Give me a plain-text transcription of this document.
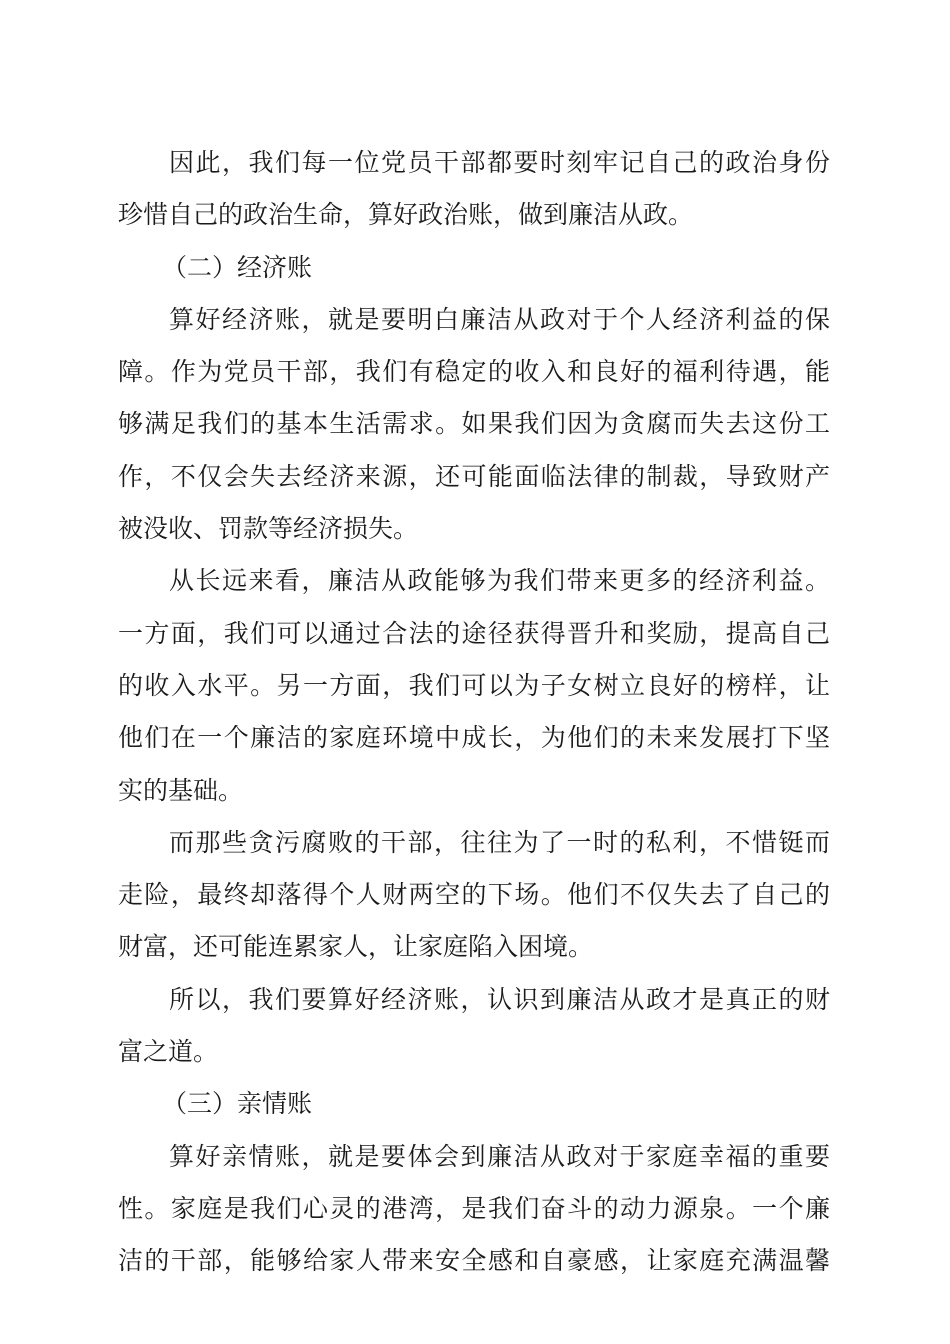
因此，我们每一位党员干部都要时刻牢记自己的政治身份
珍惜自己的政治生命，算好政治账，做到廉洁从政。
（二）经济账
算好经济账，就是要明白廉洁从政对于个人经济利益的保
障。作为党员干部，我们有稳定的收入和良好的福利待遇，能
够满足我们的基本生活需求。如果我们因为贪腐而失去这份工
作，不仅会失去经济来源，还可能面临法律的制裁，导致财产
被没收、罚款等经济损失。
从长远来看，廉洁从政能够为我们带来更多的经济利益。
一方面，我们可以通过合法的途径获得晋升和奖励，提高自己
的收入水平。另一方面，我们可以为子女树立良好的榜样，让
他们在一个廉洁的家庭环境中成长，为他们的未来发展打下坚
实的基础。
而那些贪污腐败的干部，往往为了一时的私利，不惜铤而
走险，最终却落得个人财两空的下场。他们不仅失去了自己的
财富，还可能连累家人，让家庭陷入困境。
所以，我们要算好经济账，认识到廉洁从政才是真正的财
富之道。
（三）亲情账
算好亲情账，就是要体会到廉洁从政对于家庭幸福的重要
性。家庭是我们心灵的港湾，是我们奋斗的动力源泉。一个廉
洁的干部，能够给家人带来安全感和自豪感，让家庭充满温馨
